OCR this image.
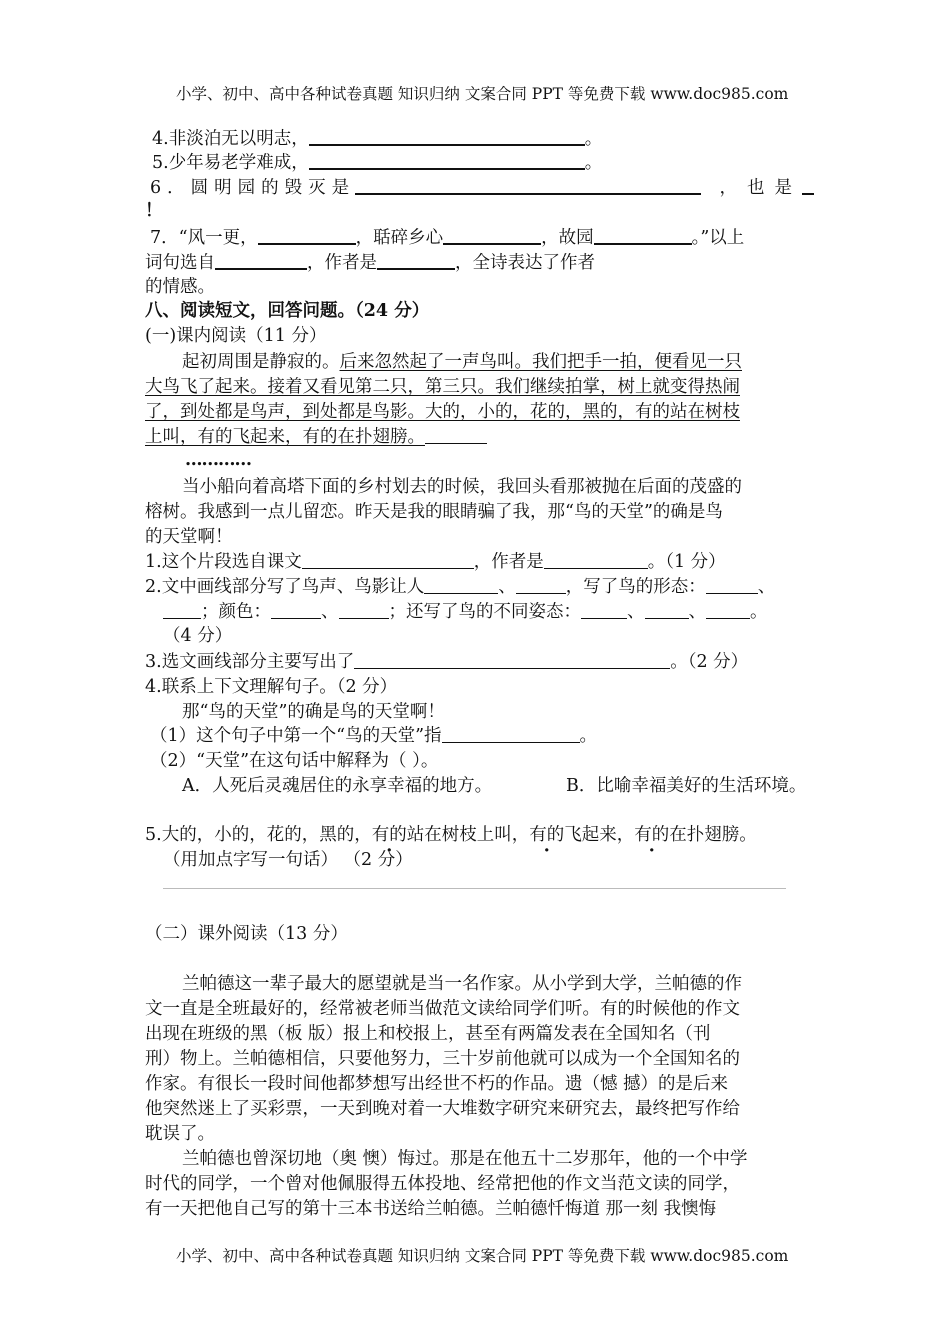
小学、初中、高中各种试卷真题 知识归纳 文案合同 PPT 等免费下载 www.doc985.com
4.非淡泊无以明志，	。
5.少年易老学难成，	。
6．圆明园的毁灭是	，也是
！
7．“风一更，	，聒碎乡心	，故园	。”以上
词句选自	，作者是	，全诗表达了作者
的情感。
八、阅读短文，回答问题。（24 分）
(一)课内阅读（11 分）
起初周围是静寂的。后来忽然起了一声鸟叫。我们把手一拍，便看见一只
大鸟飞了起来。接着又看见第二只，第三只。我们继续拍掌，树上就变得热闹
了，到处都是鸟声，到处都是鸟影。大的，小的，花的，黑的，有的站在树枝
上叫，有的飞起来，有的在扑翅膀。
…………
当小船向着高塔下面的乡村划去的时候，我回头看那被抛在后面的茂盛的
榕树。我感到一点儿留恋。昨天是我的眼睛骗了我，那“鸟的天堂”的确是鸟
的天堂啊！
1.这个片段选自课文	，作者是	。（1 分）
2.文中画线部分写了鸟声、鸟影让人	、	，写了鸟的形态：	、
；颜色：	、	；还写了鸟的不同姿态：	、	、	。
（4 分）
3.选文画线部分主要写出了	。（2 分）
4.联系上下文理解句子。（2 分）
那“鸟的天堂”的确是鸟的天堂啊！
（1）这个句子中第一个“鸟的天堂”指	。
（2）“天堂”在这句话中解释为（ ）。
A．人死后灵魂居住的永享幸福的地方。	B．比喻幸福美好的生活环境。
5.大的，小的，花的，黑的，有的站在树枝上叫，有的飞起来，有的在扑翅膀。
（用加点字写一句话） （2 分）
（二）课外阅读（13 分）
兰帕德这一辈子最大的愿望就是当一名作家。从小学到大学，兰帕德的作
文一直是全班最好的，经常被老师当做范文读给同学们听。有的时候他的作文
出现在班级的黑（板 版）报上和校报上，甚至有两篇发表在全国知名（刊
刑）物上。兰帕德相信，只要他努力，三十岁前他就可以成为一个全国知名的
作家。有很长一段时间他都梦想写出经世不朽的作品。遗（憾 撼）的是后来
他突然迷上了买彩票，一天到晚对着一大堆数字研究来研究去，最终把写作给
耽误了。
兰帕德也曾深切地（奥 懊）悔过。那是在他五十二岁那年，他的一个中学
时代的同学，一个曾对他佩服得五体投地、经常把他的作文当范文读的同学，
有一天把他自己写的第十三本书送给兰帕德。兰帕德忏悔道 那一刻 我懊悔
小学、初中、高中各种试卷真题 知识归纳 文案合同 PPT 等免费下载 www.doc985.com
